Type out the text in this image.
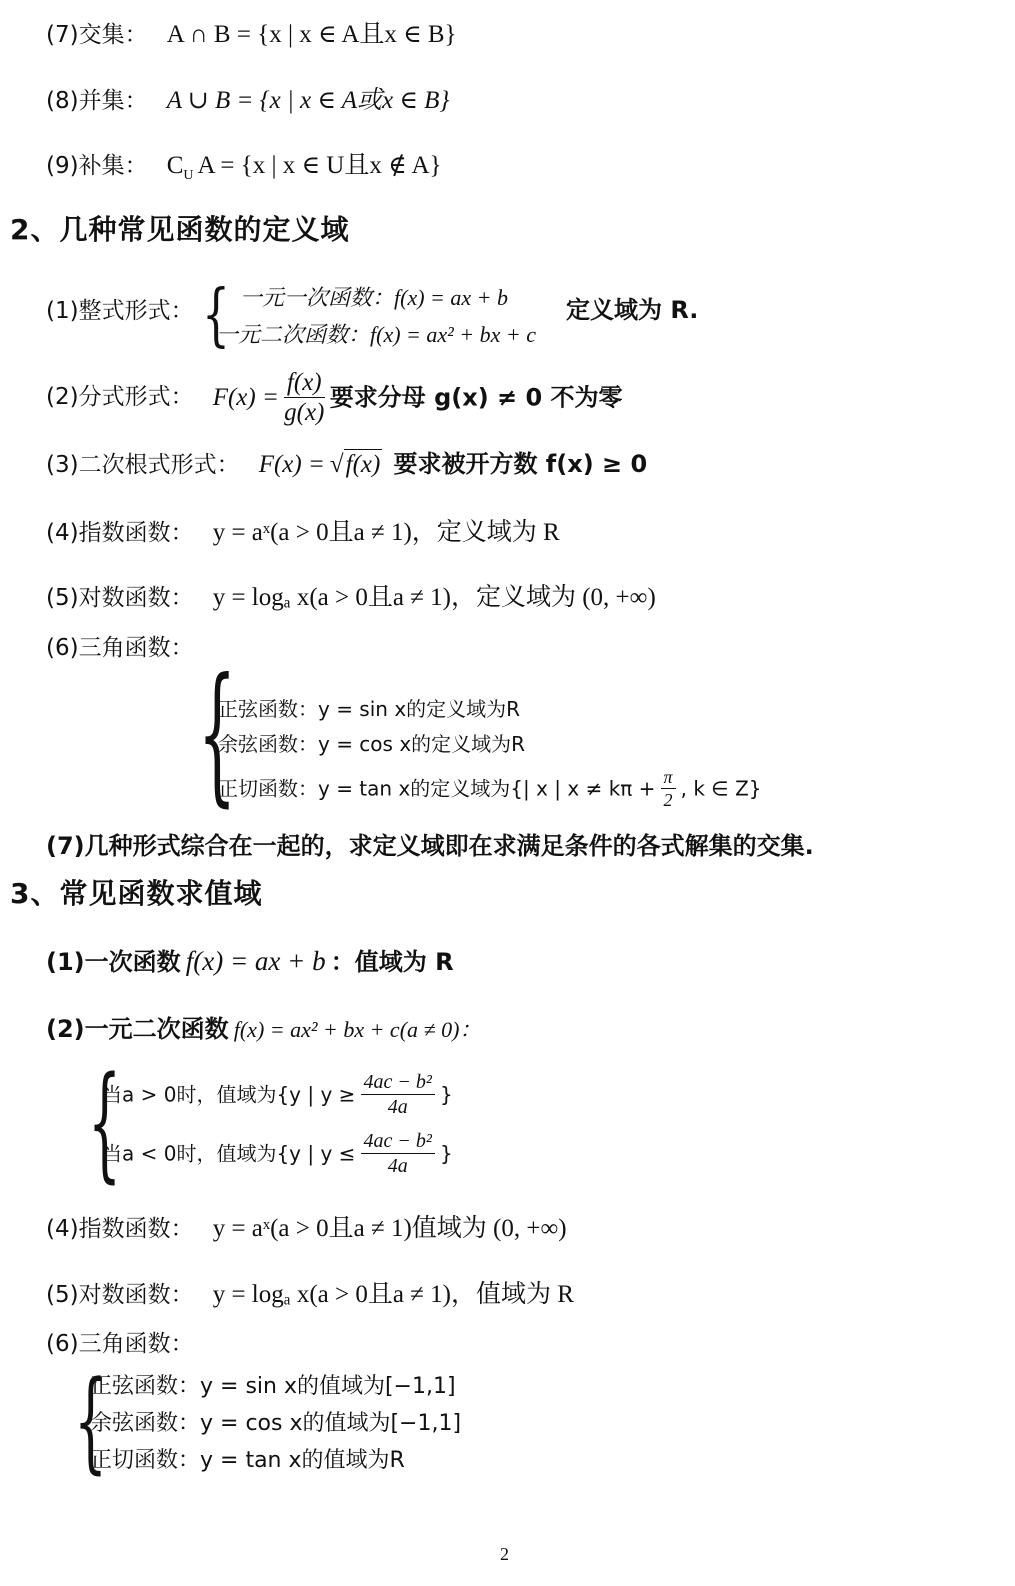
(7)交集： A ∩ B = {x | x ∈ A且x ∈ B}
(8)并集： A ∪ B = {x | x ∈ A或x ∈ B}
(9)补集： $C_U$ A = {x | x ∈ U且x ∉ A}
2、几种常见函数的定义域
(1)整式形式： { 一元一次函数：f(x) = ax + b
一元二次函数：f(x) = ax² + bx + c
定义域为 R.
(2)分式形式： $F(x) = \frac{f(x)}{g(x)}$ 要求分母 g(x) ≠ 0 不为零
(3)二次根式形式： F(x) = √f(x) 要求被开方数 f(x) ≥ 0
(4)指数函数： y = aˣ(a > 0且a ≠ 1)，定义域为 R
(5)对数函数： y = logₐ x(a > 0且a ≠ 1)，定义域为 (0, +∞)
(6)三角函数： {
正弦函数：y = sin x的定义域为R
余弦函数：y = cos x的定义域为R
正切函数：y = tan x的定义域为{| x | $x \ne k\pi + \frac{\pi}{2}$ , k ∈ Z}
(7)几种形式综合在一起的，求定义域即在求满足条件的各式解集的交集.
3、常见函数求值域
(1)一次函数 f(x) = ax + b ：值域为 R
(2)一元二次函数 f(x) = ax² + bx + c(a ≠ 0)：
{
当a > 0时，值域为{y | $y \ge \frac{\text{4ac − b²}}{4a}$ }
当a < 0时，值域为{y | $y \le \frac{\text{4ac − b²}}{4a}$ }
(4)指数函数： y = aˣ(a > 0且a ≠ 1)值域为 (0, +∞)
(5)对数函数： y = logₐ x(a > 0且a ≠ 1)，值域为 R
(6)三角函数：
{
正弦函数：y = sin x的值域为[−1,1]
余弦函数：y = cos x的值域为[−1,1]
正切函数：y = tan x的值域为R
2
